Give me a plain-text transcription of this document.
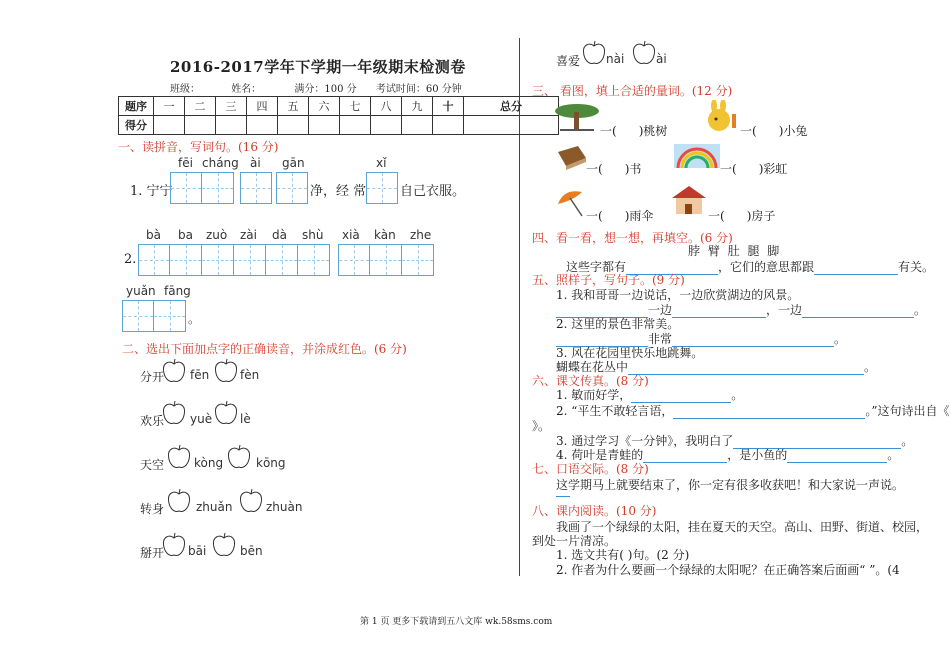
2016-2017学年下学期一年级期末检测卷
班级：	姓名：	满分：100 分 考试时间：60 分钟
题序	一	二	三	四	五	六	七	八	九	十	总分
得分											
一、读拼音，写词句。(16 分)
fēi cháng ài gān	xǐ
1. 宁宁	净，经 常	自己衣服。
bà ba zuò zài dà shù xià kàn zhe
2.
yuǎn fāng
。
二、选出下面加点字的正确读音，并涂成红色。(6 分)
分开 fēn	fèn
欢乐 yuè lè
天空 kòng	kōng
转身	zhuǎn	zhuàn
掰开 bāi	bēn
喜爱 nài	ài
三、 看图，填上合适的量词。(12 分)
一( )桃树	一( )小兔
一( )书	一( )彩虹
一( )雨伞	一( )房子
四、看一看，想一想，再填空。(6 分)
脖 臂 肚 腿 脚
这些字都有	，它们的意思都跟	有关。
五、照样子，写句子。(9 分)
1. 我和哥哥一边说话，一边欣赏湖边的风景。
一边	，一边	。
2. 这里的景色非常美。
非常	。
3. 风在花园里快乐地跳舞。
蝴蝶在花丛中	。
六、课文传真。(8 分)
1. 敏而好学，	。
2. “平生不敢轻言语，	。”这句诗出自《
》。
3. 通过学习《一分钟》，我明白了	。
4. 荷叶是青蛙的	，是小鱼的	。
七、口语交际。(8 分)
这学期马上就要结束了，你一定有很多收获吧！和大家说一声说。
八、课内阅读。(10 分)
我画了一个绿绿的太阳，挂在夏天的天空。高山、田野、街道、校园，
到处一片清凉。
1. 选文共有( )句。(2 分)
2. 作者为什么要画一个绿绿的太阳呢？在正确答案后面画“ ”。(4
第 1 页 更多下载请到五八文库 wk.58sms.com
